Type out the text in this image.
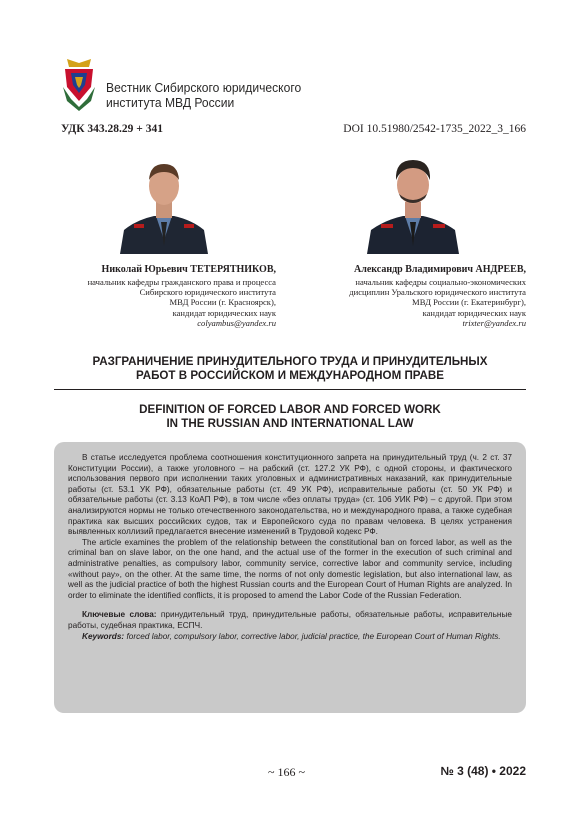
Вестник Сибирского юридического
института МВД России
УДК 343.28.29 + 341	DOI 10.51980/2542-1735_2022_3_166
Николай Юрьевич ТЕТЕРЯТНИКОВ,
начальник кафедры гражданского права и процесса
Сибирского юридического института
МВД России (г. Красноярск),
кандидат юридических наук
colyambus@yandex.ru
Александр Владимирович АНДРЕЕВ,
начальник кафедры социально-экономических
дисциплин Уральского юридического института
МВД России (г. Екатеринбург),
кандидат юридических наук
trixter@yandex.ru
РАЗГРАНИЧЕНИЕ ПРИНУДИТЕЛЬНОГО ТРУДА И ПРИНУДИТЕЛЬНЫХ
РАБОТ В РОССИЙСКОМ И МЕЖДУНАРОДНОМ ПРАВЕ
DEFINITION OF FORCED LABOR AND FORCED WORK
IN THE RUSSIAN AND INTERNATIONAL LAW

В статье исследуется проблема соотношения конституционного запрета на принудительный труд (ч. 2 ст. 37 Конституции России), а также уголовного – на рабский (ст. 127.2 УК РФ), с одной стороны, и фактического использования первого при исполнении таких уголовных и административных наказаний, как принудительные работы (ст. 53.1 УК РФ), обязательные работы (ст. 49 УК РФ), исправительные работы (ст. 50 УК РФ) и обязательные работы (ст. 3.13 КоАП РФ), в том числе «без оплаты труда» (ст. 106 УИК РФ) – с другой. При этом анализируются нормы не только отечественного законодательства, но и международного права, а также судебная практика как высших российских судов, так и Европейского суда по правам человека. В целях устранения выявленных коллизий предлагается внесение изменений в Трудовой кодекс РФ.

The article examines the problem of the relationship between the constitutional ban on forced labor, as well as the criminal ban on slave labor, on the one hand, and the actual use of the former in the execution of such criminal and administrative penalties, as compulsory labor, community service, corrective labor and community service, including «without pay», on the other. At the same time, the norms of not only domestic legislation, but also international law, as well as the judicial practice of both the highest Russian courts and the European Court of Human Rights are analyzed. In order to eliminate the identified conflicts, it is proposed to amend the Labor Code of the Russian Federation.

Ключевые слова: принудительный труд, принудительные работы, обязательные работы, исправительные работы, судебная практика, ЕСПЧ.

Keywords: forced labor, compulsory labor, corrective labor, judicial practice, the European Court of Human Rights.

~ 166 ~	№ 3 (48) • 2022
